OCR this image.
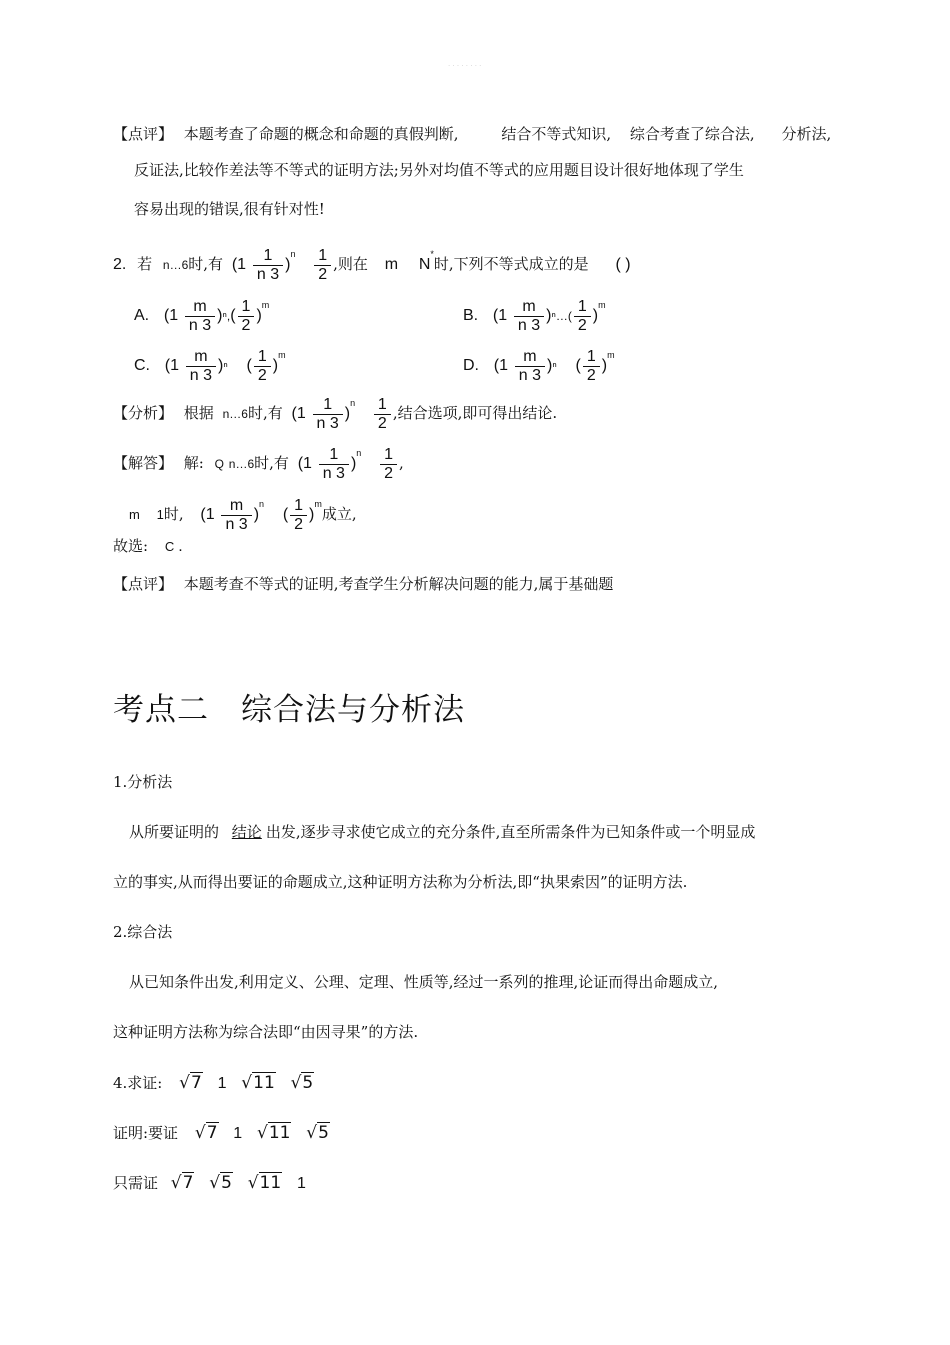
· · · · · · · ·
【点评】 本题考查了命题的概念和命题的真假判断,	结合不等式知识, 综合考查了综合法, 分析法,
反证法,比较作差法等不等式的证明方法;另外对均值不等式的应用题目设计很好地体现了学生
容易出现的错误,很有针对性!
2. 若 n…6时,有 $(1 \frac{1}{n 3} )^n \frac{1}{2}$ ,则在 m N*时,下列不等式成立的是 ( )
A. $(1 \frac{m}{n 3} )^n,( \frac{1}{2} )^m$
B. ($1 \frac{m}{n 3}$ )ⁿ…( $\frac{1}{2} )^m$
C. $(1 \frac{m}{n 3} )^n$ ( $\frac{1}{2} )^m$
D. $(1 \frac{m}{n 3} )^n$ ( $\frac{1}{2} )^m$
【分析】 根据 n…6时,有 $(1 \frac{1}{n 3} )^n \frac{1}{2}$ ,结合选项,即可得出结论.
【解答】 解: Q n…6时,有 $(1 \frac{1}{n 3} )^n \frac{1}{2}$ ,
m 1时, $(1 \frac{m}{n 3} )^n$ ( $\frac{1}{2} )^m$成立,
故选: C .
【点评】 本题考查不等式的证明,考查学生分析解决问题的能力,属于基础题
考点二　综合法与分析法
1.分析法
从所要证明的 结论 出发,逐步寻求使它成立的充分条件,直至所需条件为已知条件或一个明显成
立的事实,从而得出要证的命题成立,这种证明方法称为分析法,即“执果索因”的证明方法.
2.综合法
从已知条件出发,利用定义、公理、定理、性质等,经过一系列的推理,论证而得出命题成立,
这种证明方法称为综合法即“由因寻果”的方法.
4.求证: √7 1 √11 √5
证明:要证 √7 1 √11 √5
只需证 √7 √5 √11 1
